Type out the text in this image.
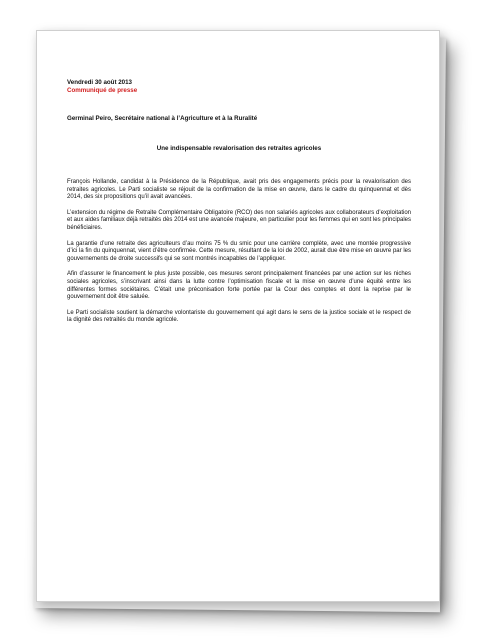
Vendredi 30 août 2013
Communiqué de presse
Germinal Peiro, Secrétaire national à l’Agriculture et à la Ruralité
Une indispensable revalorisation des retraites agricoles

François Hollande, candidat à la Présidence de la République, avait pris des engagements précis pour la revalorisation des retraites agricoles. Le Parti socialiste se réjouit de la confirmation de la mise en œuvre, dans le cadre du quinquennat et dès 2014, des six propositions qu’il avait avancées.

L’extension du régime de Retraite Complémentaire Obligatoire (RCO) des non salariés agricoles aux collaborateurs d’exploitation et aux aides familiaux déjà retraités dès 2014 est une avancée majeure, en particulier pour les femmes qui en sont les principales bénéficiaires.

La garantie d’une retraite des agriculteurs d’au moins 75 % du smic pour une carrière complète, avec une montée progressive d’ici la fin du quinquennat, vient d’être confirmée. Cette mesure, résultant de la loi de 2002, aurait due être mise en œuvre par les gouvernements de droite successifs qui se sont montrés incapables de l’appliquer.

Afin d’assurer le financement le plus juste possible, ces mesures seront principalement financées par une action sur les niches sociales agricoles, s’inscrivant ainsi dans la lutte contre l’optimisation fiscale et la mise en œuvre d’une équité entre les différentes formes sociétaires. C’était une préconisation forte portée par la Cour des comptes et dont la reprise par le gouvernement doit être saluée.

Le Parti socialiste soutient la démarche volontariste du gouvernement qui agit dans le sens de la justice sociale et le respect de la dignité des retraités du monde agricole.
